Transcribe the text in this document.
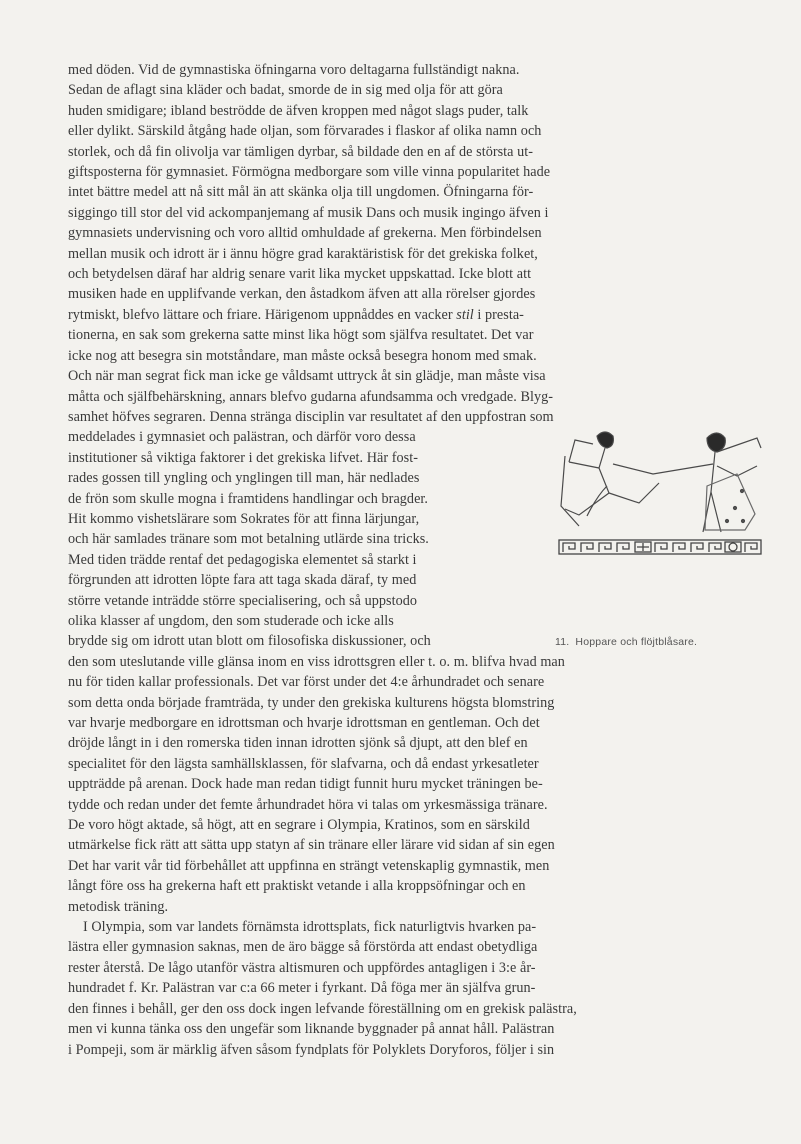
med döden. Vid de gymnastiska öfningarna voro deltagarna fullständigt nakna.
Sedan de aflagt sina kläder och badat, smorde de in sig med olja för att göra
huden smidigare; ibland beströdde de äfven kroppen med något slags puder, talk
eller dylikt. Särskild åtgång hade oljan, som förvarades i flaskor af olika namn och
storlek, och då fin olivolja var tämligen dyrbar, så bildade den en af de största ut-
giftsposterna för gymnasiet. Förmögna medborgare som ville vinna popularitet hade
intet bättre medel att nå sitt mål än att skänka olja till ungdomen. Öfningarna för-
siggingo till stor del vid ackompanjemang af musik Dans och musik ingingo äfven i
gymnasiets undervisning och voro alltid omhuldade af grekerna. Men förbindelsen
mellan musik och idrott är i ännu högre grad karaktäristisk för det grekiska folket,
och betydelsen däraf har aldrig senare varit lika mycket uppskattad. Icke blott att
musiken hade en upplifvande verkan, den åstadkom äfven att alla rörelser gjordes
rytmiskt, blefvo lättare och friare. Härigenom uppnåddes en vacker stil i presta-
tionerna, en sak som grekerna satte minst lika högt som själfva resultatet. Det var
icke nog att besegra sin motståndare, man måste också besegra honom med smak.
Och när man segrat fick man icke ge våldsamt uttryck åt sin glädje, man måste visa
måtta och själfbehärskning, annars blefvo gudarna afundsamma och vredgade. Blyg-
samhet höfves segraren. Denna stränga disciplin var resultatet af den uppfostran som
meddelades i gymnasiet och palästran, och därför voro dessa
institutioner så viktiga faktorer i det grekiska lifvet. Här fost-
rades gossen till yngling och ynglingen till man, här nedlades
de frön som skulle mogna i framtidens handlingar och bragder.
Hit kommo vishetslärare som Sokrates för att finna lärjungar,
och här samlades tränare som mot betalning utlärde sina tricks.
Med tiden trädde rentaf det pedagogiska elementet så starkt i
förgrunden att idrotten löpte fara att taga skada däraf, ty med
större vetande inträdde större specialisering, och så uppstodo
olika klasser af ungdom, den som studerade och icke alls
brydde sig om idrott utan blott om filosofiska diskussioner, och
den som uteslutande ville glänsa inom en viss idrottsgren eller t. o. m. blifva hvad man
nu för tiden kallar professionals. Det var först under det 4:e århundradet och senare
som detta onda började framträda, ty under den grekiska kulturens högsta blomstring
var hvarje medborgare en idrottsman och hvarje idrottsman en gentleman. Och det
dröjde långt in i den romerska tiden innan idrotten sjönk så djupt, att den blef en
specialitet för den lägsta samhällsklassen, för slafvarna, och då endast yrkesatleter
uppträdde på arenan. Dock hade man redan tidigt funnit huru mycket träningen be-
tydde och redan under det femte århundradet höra vi talas om yrkesmässiga tränare.
De voro högt aktade, så högt, att en segrare i Olympia, Kratinos, som en särskild
utmärkelse fick rätt att sätta upp statyn af sin tränare eller lärare vid sidan af sin egen
Det har varit vår tid förbehållet att uppfinna en strängt vetenskaplig gymnastik, men
långt före oss ha grekerna haft ett praktiskt vetande i alla kroppsöfningar och en
metodisk träning.
I Olympia, som var landets förnämsta idrottsplats, fick naturligtvis hvarken pa-
lästra eller gymnasion saknas, men de äro bägge så förstörda att endast obetydliga
rester återstå. De lågo utanför västra altismuren och uppfördes antagligen i 3:e år-
hundradet f. Kr. Palästran var c:a 66 meter i fyrkant. Då föga mer än själfva grun-
den finnes i behåll, ger den oss dock ingen lefvande föreställning om en grekisk palästra,
men vi kunna tänka oss den ungefär som liknande byggnader på annat håll. Palästran
i Pompeji, som är märklig äfven såsom fyndplats för Polyklets Doryforos, följer i sin
11. Hoppare och flöjtblåsare.
